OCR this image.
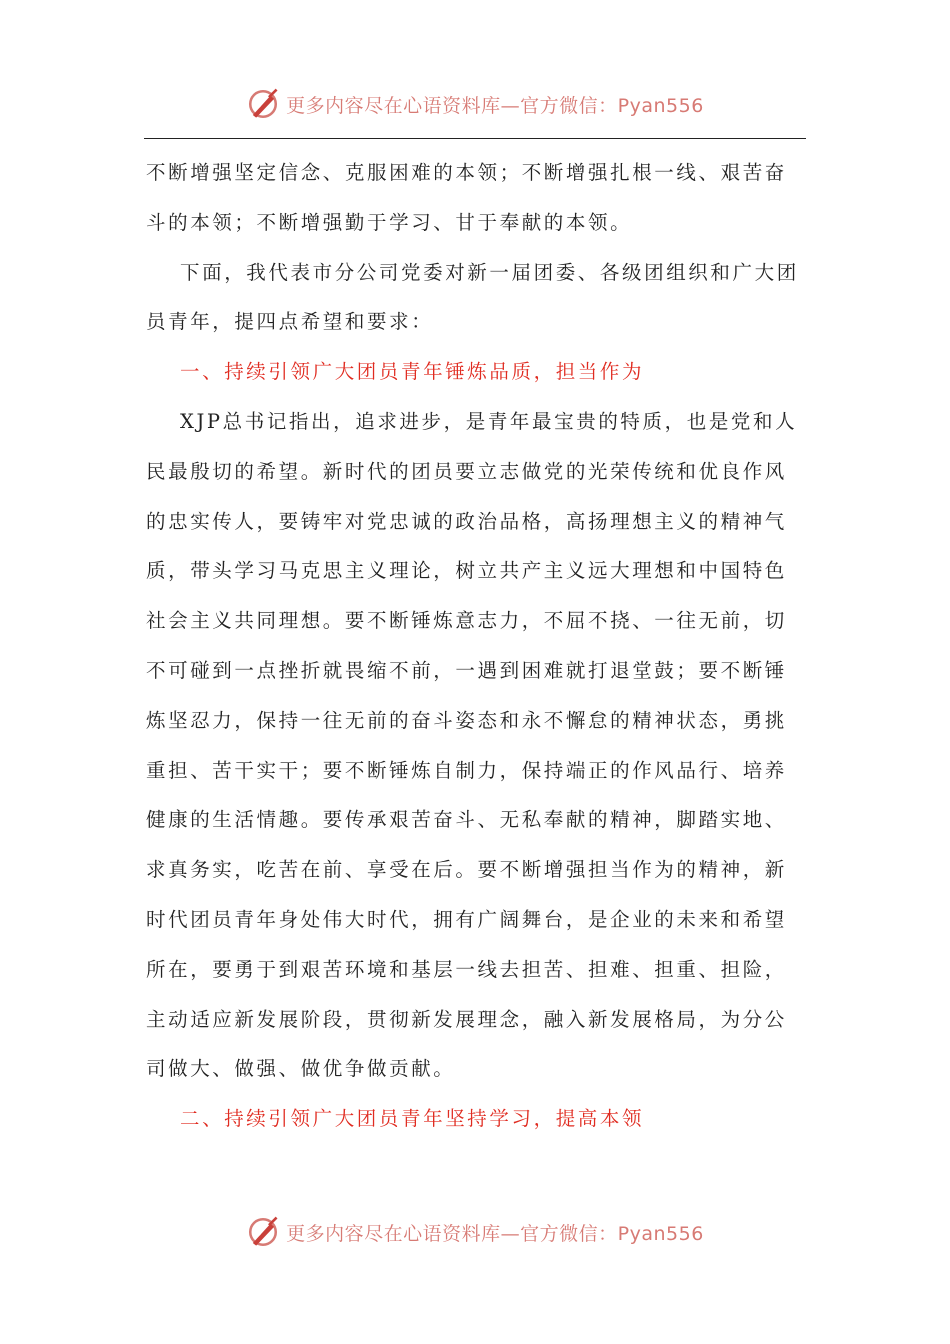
更多内容尽在心语资料库—官方微信：Pyan556
不断增强坚定信念、克服困难的本领；不断增强扎根一线、艰苦奋
斗的本领；不断增强勤于学习、甘于奉献的本领。
下面，我代表市分公司党委对新一届团委、各级团组织和广大团
员青年，提四点希望和要求：
一、持续引领广大团员青年锤炼品质，担当作为
XJP总书记指出，追求进步，是青年最宝贵的特质，也是党和人
民最殷切的希望。新时代的团员要立志做党的光荣传统和优良作风
的忠实传人，要铸牢对党忠诚的政治品格，高扬理想主义的精神气
质，带头学习马克思主义理论，树立共产主义远大理想和中国特色
社会主义共同理想。要不断锤炼意志力，不屈不挠、一往无前，切
不可碰到一点挫折就畏缩不前，一遇到困难就打退堂鼓；要不断锤
炼坚忍力，保持一往无前的奋斗姿态和永不懈怠的精神状态，勇挑
重担、苦干实干；要不断锤炼自制力，保持端正的作风品行、培养
健康的生活情趣。要传承艰苦奋斗、无私奉献的精神，脚踏实地、
求真务实，吃苦在前、享受在后。要不断增强担当作为的精神，新
时代团员青年身处伟大时代，拥有广阔舞台，是企业的未来和希望
所在，要勇于到艰苦环境和基层一线去担苦、担难、担重、担险，
主动适应新发展阶段，贯彻新发展理念，融入新发展格局，为分公
司做大、做强、做优争做贡献。
二、持续引领广大团员青年坚持学习，提高本领
更多内容尽在心语资料库—官方微信：Pyan556
